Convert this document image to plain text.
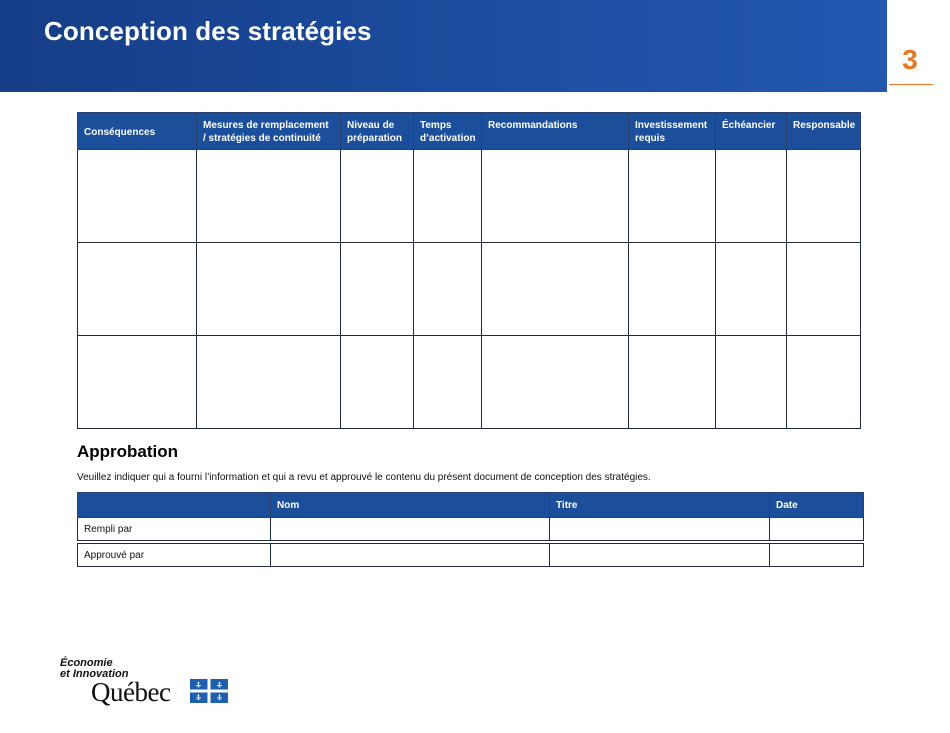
Conception des stratégies
3
Conséquences	Mesures de remplacement / stratégies de continuité	Niveau de préparation	Temps d’activation	Recommandations	Investissement requis	Échéancier	Responsable

Approbation
Veuillez indiquer qui a fourni l’information et qui a revu et approuvé le contenu du présent document de conception des stratégies.
	Nom	Titre	Date
Rempli par			

Approuvé par			
Économie
et Innovation
Québec
